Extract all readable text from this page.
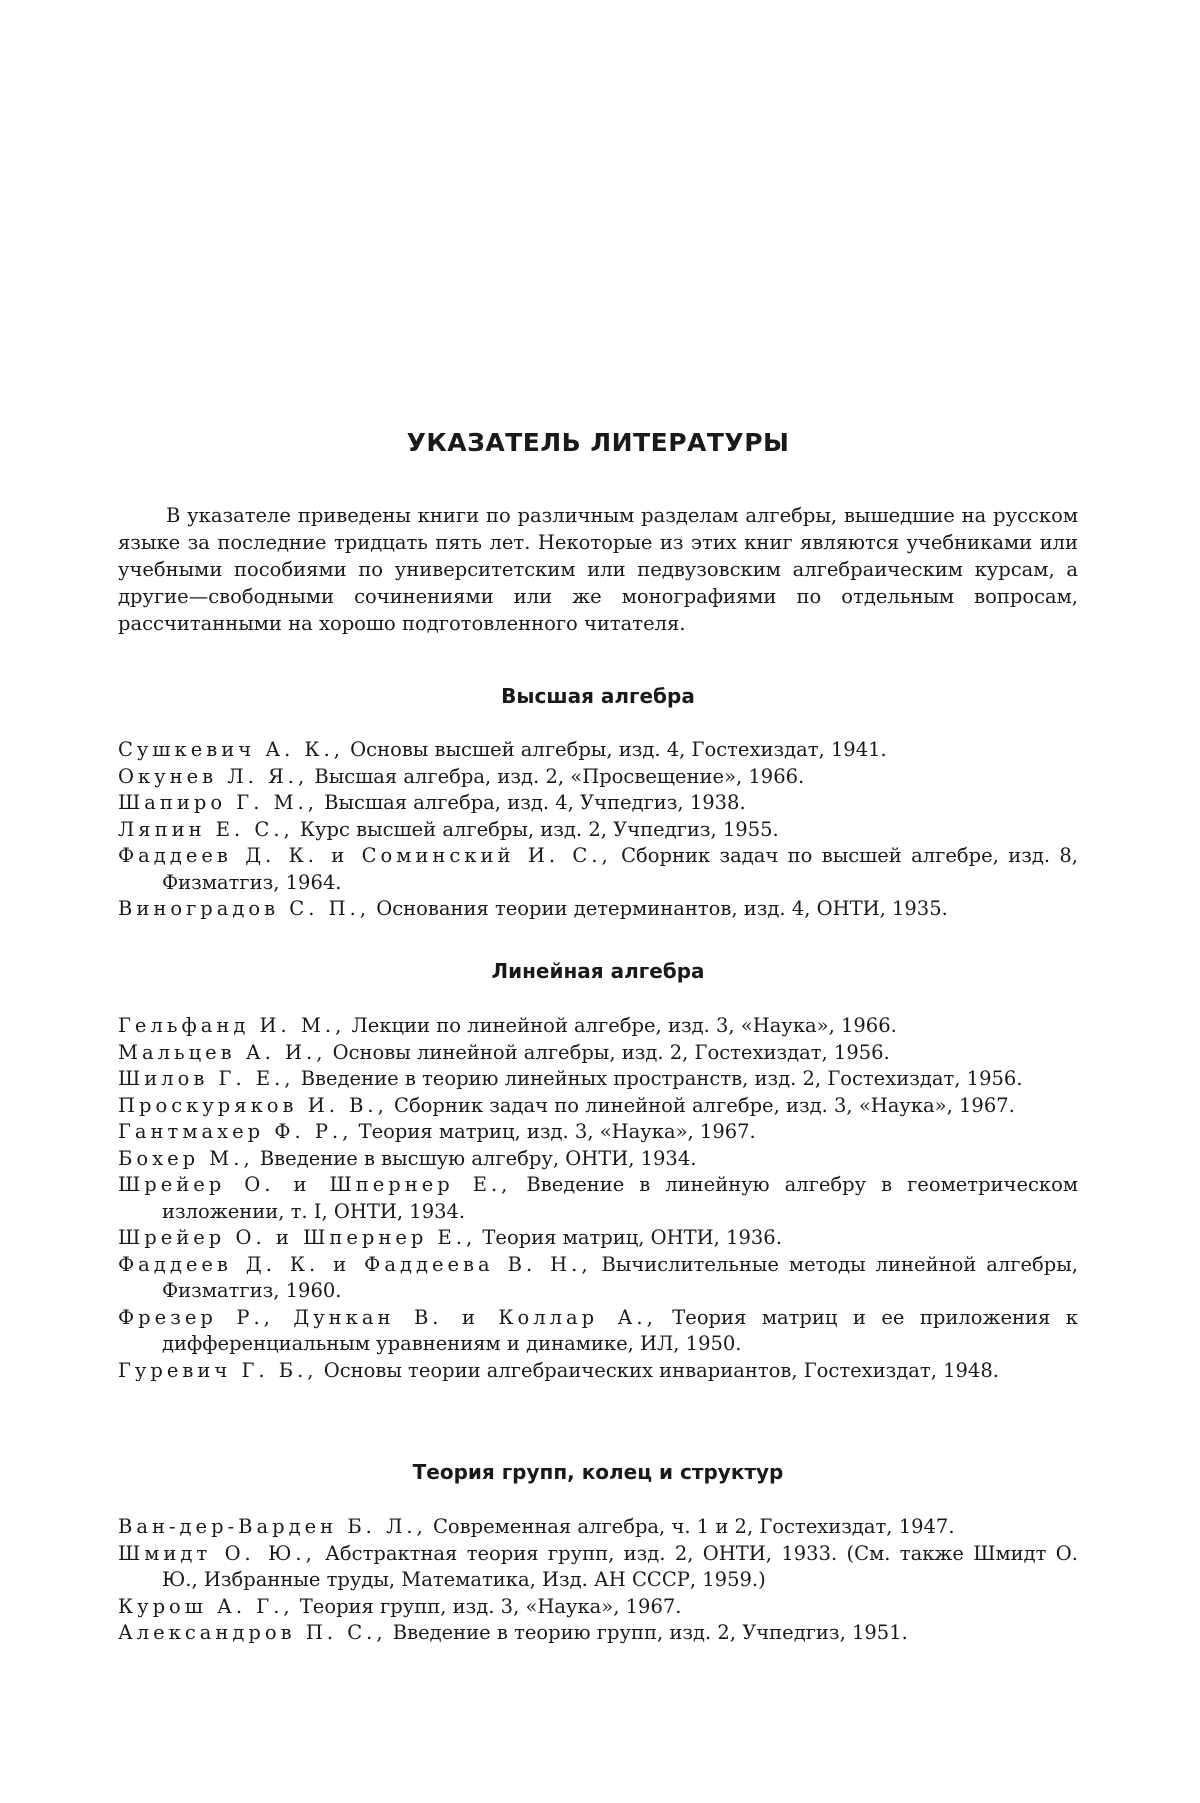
УКАЗАТЕЛЬ ЛИТЕРАТУРЫ

В указателе приведены книги по различным разделам алгебры, вышедшие на русском языке за последние тридцать пять лет. Некоторые из этих книг являются учебниками или учебными пособиями по университетским или педвузовским алгебраическим курсам, а другие—свободными сочинениями или же монографиями по отдельным вопросам, рассчитанными на хорошо подготовленного читателя.

Высшая алгебра
Сушкевич А. К., Основы высшей алгебры, изд. 4, Гостехиздат, 1941.
Окунев Л. Я., Высшая алгебра, изд. 2, «Просвещение», 1966.
Шапиро Г. М., Высшая алгебра, изд. 4, Учпедгиз, 1938.
Ляпин Е. С., Курс высшей алгебры, изд. 2, Учпедгиз, 1955.
Фаддеев Д. К. и Соминский И. С., Сборник задач по высшей алгебре, изд. 8, Физматгиз, 1964.
Виноградов С. П., Основания теории детерминантов, изд. 4, ОНТИ, 1935.
Линейная алгебра
Гельфанд И. М., Лекции по линейной алгебре, изд. 3, «Наука», 1966.
Мальцев А. И., Основы линейной алгебры, изд. 2, Гостехиздат, 1956.
Шилов Г. Е., Введение в теорию линейных пространств, изд. 2, Гостехиздат, 1956.
Проскуряков И. В., Сборник задач по линейной алгебре, изд. 3, «Наука», 1967.
Гантмахер Ф. Р., Теория матриц, изд. 3, «Наука», 1967.
Бохер М., Введение в высшую алгебру, ОНТИ, 1934.
Шрейер О. и Шпернер Е., Введение в линейную алгебру в геометрическом изложении, т. I, ОНТИ, 1934.
Шрейер О. и Шпернер Е., Теория матриц, ОНТИ, 1936.
Фаддеев Д. К. и Фаддеева В. Н., Вычислительные методы линейной алгебры, Физматгиз, 1960.
Фрезер Р., Дункан В. и Коллар А., Теория матриц и ее приложения к дифференциальным уравнениям и динамике, ИЛ, 1950.
Гуревич Г. Б., Основы теории алгебраических инвариантов, Гостехиздат, 1948.
Теория групп, колец и структур
Ван-дер-Варден Б. Л., Современная алгебра, ч. 1 и 2, Гостехиздат, 1947.
Шмидт О. Ю., Абстрактная теория групп, изд. 2, ОНТИ, 1933. (См. также Шмидт О. Ю., Избранные труды, Математика, Изд. АН СССР, 1959.)
Курош А. Г., Теория групп, изд. 3, «Наука», 1967.
Александров П. С., Введение в теорию групп, изд. 2, Учпедгиз, 1951.
